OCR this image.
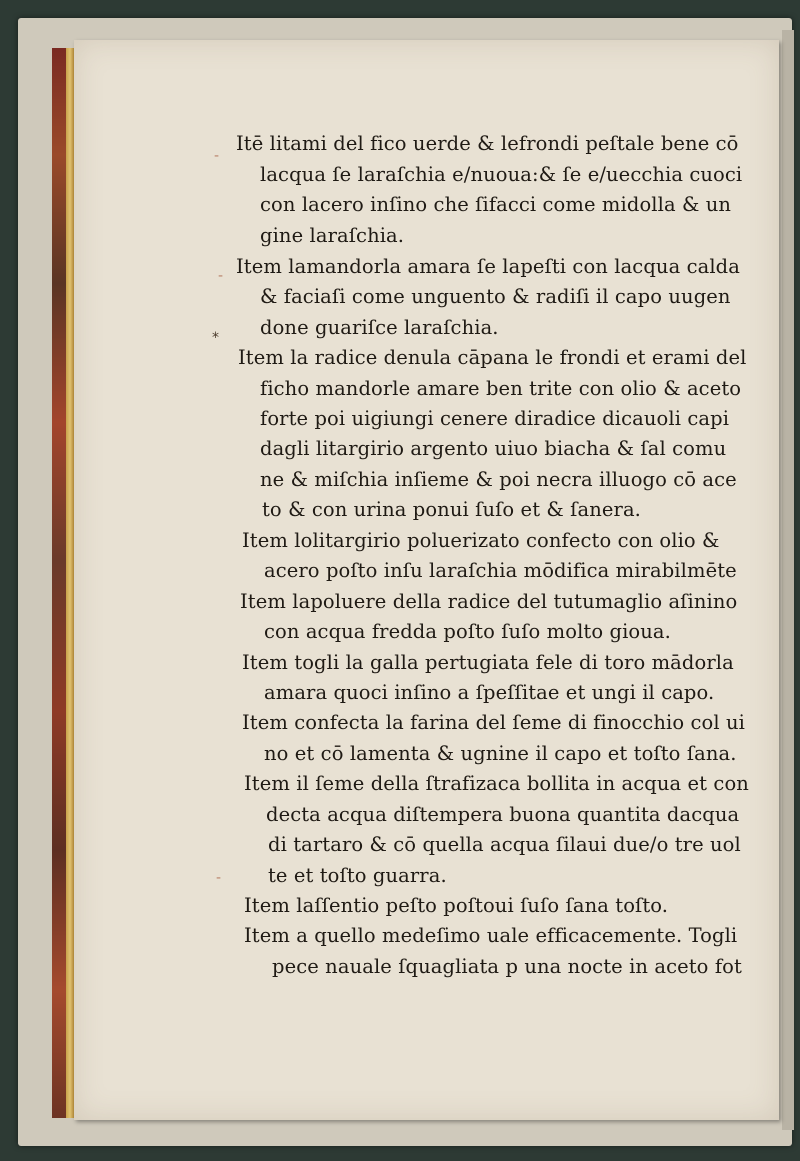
-
-
*
-
Itē litami del fico uerde & lefrondi peſtale bene cō
lacqua ſe laraſchia e/nuoua:& ſe e/uecchia cuoci
con lacero inſino che ſifacci come midolla & un
gine laraſchia.
Item lamandorla amara ſe lapeſti con lacqua calda
& faciaſi come unguento & radiſi il capo uugen
done guariſce laraſchia.
Item la radice denula cāpana le frondi et erami del
ficho mandorle amare ben trite con olio & aceto
forte poi uigiungi cenere diradice dicauoli capi
dagli litargirio argento uiuo biacha & ſal comu
ne & miſchia inſieme & poi necra illuogo cō ace
to & con urina ponui ſuſo et & ſanera.
Item lolitargirio poluerizato confecto con olio &
acero poſto inſu laraſchia mōdifica mirabilmēte
Item lapoluere della radice del tutumaglio aſinino
con acqua fredda poſto ſuſo molto gioua.
Item togli la galla pertugiata fele di toro mādorla
amara quoci inſino a ſpeſſitae et ungi il capo.
Item confecta la farina del ſeme di finocchio col ui
no et cō lamenta & ugnine il capo et toſto ſana.
Item il ſeme della ſtrafizaca bollita in acqua et con
decta acqua diſtempera buona quantita dacqua
di tartaro & cō quella acqua ſilaui due/o tre uol
te et toſto guarra.
Item laſſentio peſto poſtoui ſuſo ſana toſto.
Item a quello medeſimo uale efficacemente. Togli
pece nauale ſquagliata p una nocte in aceto fot
